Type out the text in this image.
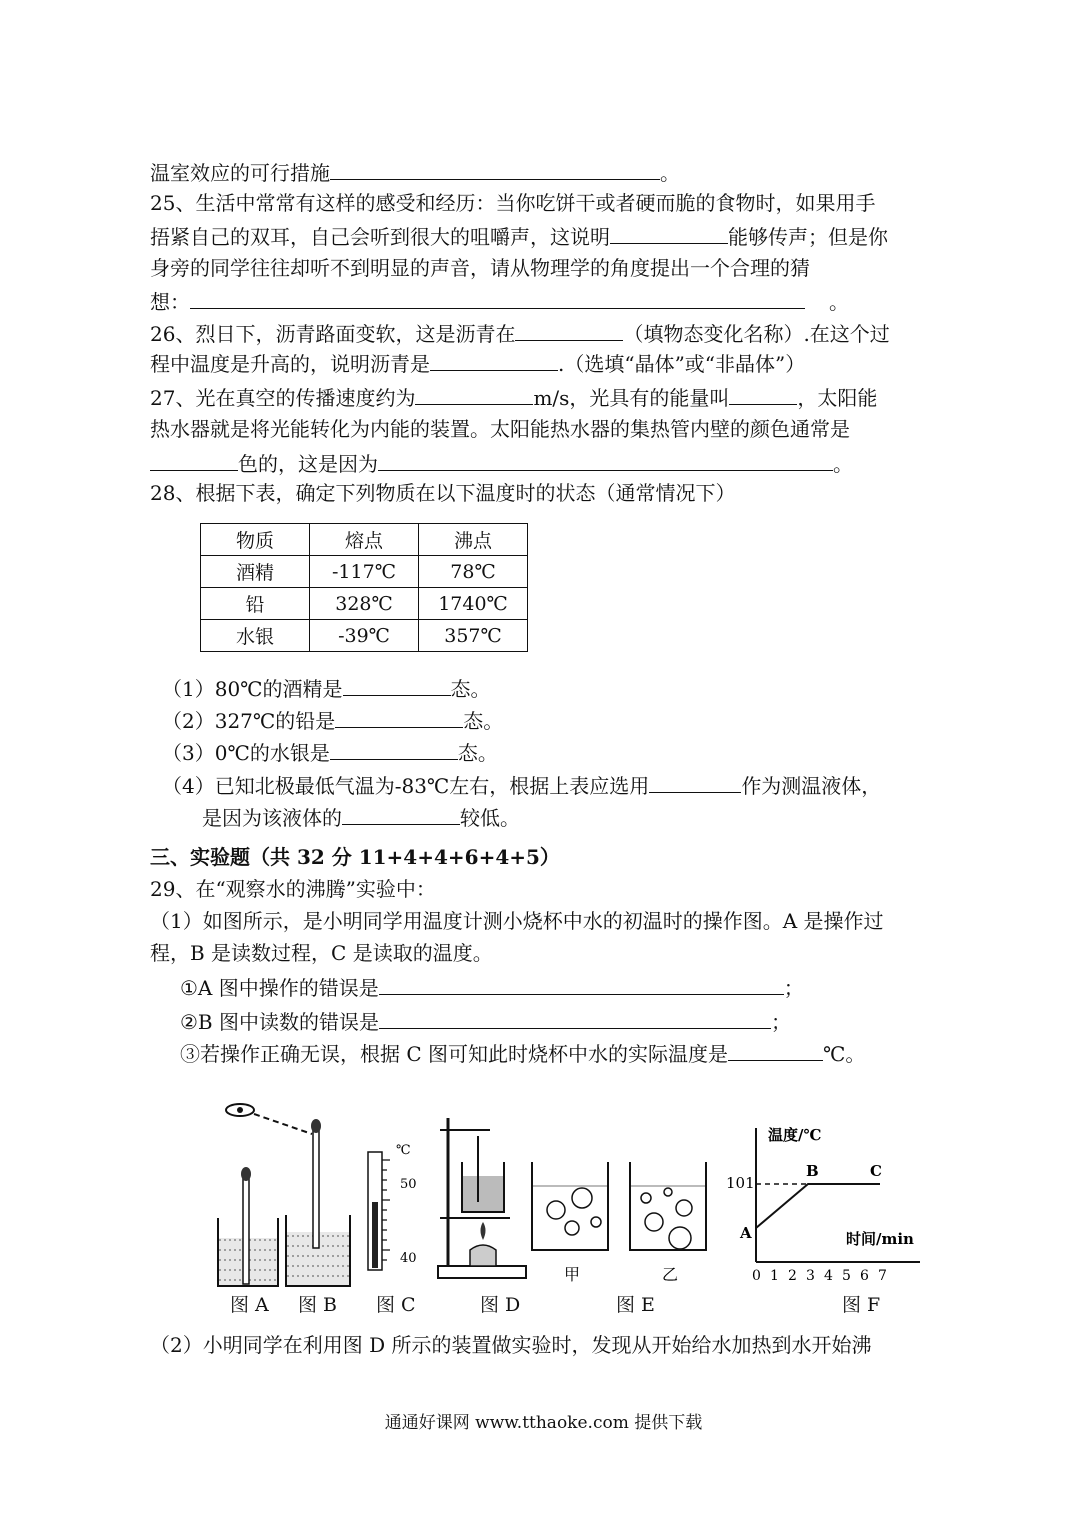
温室效应的可行措施	。
25、生活中常常有这样的感受和经历：当你吃饼干或者硬而脆的食物时，如果用手
捂紧自己的双耳，自己会听到很大的咀嚼声，这说明	能够传声；但是你
身旁的同学往往却听不到明显的声音，请从物理学的角度提出一个合理的猜
想：	。
26、烈日下，沥青路面变软，这是沥青在	（填物态变化名称）.在这个过
程中温度是升高的，说明沥青是	.（选填“晶体”或“非晶体”）
27、光在真空的传播速度约为	m/s，光具有的能量叫	，太阳能
热水器就是将光能转化为内能的装置。太阳能热水器的集热管内壁的颜色通常是
色的，这是因为	。
28、根据下表，确定下列物质在以下温度时的状态（通常情况下）
物质	熔点	沸点
酒精	-117℃	78℃
铅	328℃	1740℃
水银	-39℃	357℃
（1）80℃的酒精是	态。
（2）327℃的铅是	态。
（3）0℃的水银是	态。
（4）已知北极最低气温为-83℃左右，根据上表应选用	作为测温液体，
是因为该液体的	较低。
三、实验题（共 32 分 11+4+4+6+4+5）
29、在“观察水的沸腾”实验中：
（1）如图所示，是小明同学用温度计测小烧杯中水的初温时的操作图。A 是操作过
程，B 是读数过程，C 是读取的温度。
①A 图中操作的错误是	；
②B 图中读数的错误是	；
③若操作正确无误，根据 C 图可知此时烧杯中水的实际温度是	℃。
℃
50
40
甲	乙
温度/℃
时间/min
101
A
B	C
0 1 2 3 4 5 6 7
图 A 图 B 图 C	图 D	图 E	图 F
（2）小明同学在利用图 D 所示的装置做实验时，发现从开始给水加热到水开始沸
通通好课网 www.tthaoke.com 提供下载
